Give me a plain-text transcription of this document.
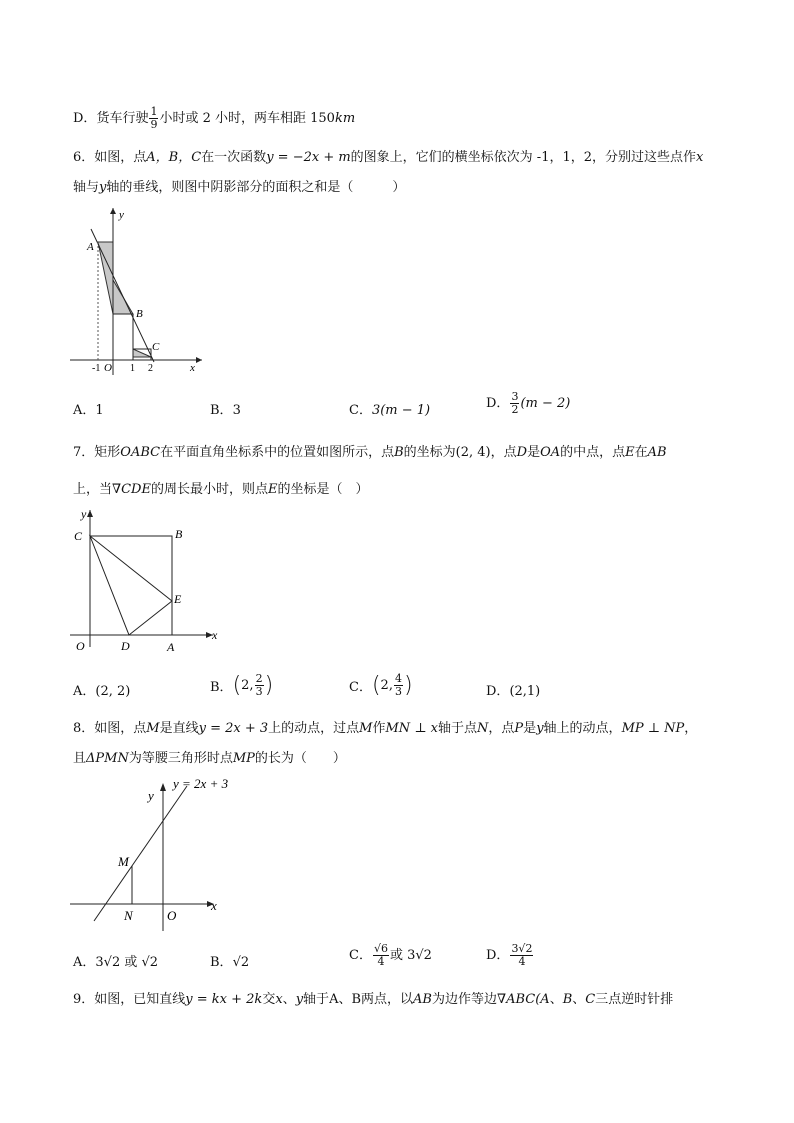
D．货车行驶 $\frac{1}{9}$ 小时或 2 小时，两车相距 150km
6．如图，点A，B，C在一次函数y = −2x + m的图象上，它们的横坐标依次为 -1，1，2，分别过这些点作x
轴与y轴的垂线，则图中阴影部分的面积之和是（　　　）
y
x
A
B
C
O
-1	1 2
A．1	B．3	C．3(m − 1)	D． $\frac{3}{2} (m - 2)$
7．矩形OABC在平面直角坐标系中的位置如图所示，点B的坐标为(2, 4)，点D是OA的中点，点E在AB
上，当∇CDE的周长最小时，则点E的坐标是（　）
y
x
C	B
E
O	D	A
A．(2, 2)	B．(2, $\frac{2}{3}$ )	C．(2, $\frac{4}{3}$ )	D．(2,1)
8．如图，点M是直线y = 2x + 3上的动点，过点M作MN ⊥ x轴于点N，点P是y轴上的动点，MP ⊥ NP，
且ΔPMN为等腰三角形时点MP的长为（　　）
y
x
y = 2x + 3
M
N	O
A．3√2 或 √2	B．√2	C． $\frac{√6}{4}$ 或 3√2	D． $\frac{3√2}{4}$
9．如图，已知直线y = kx + 2k交x、y轴于A、B两点，以AB为边作等边∇ABC(A、B、C三点逆时针排
